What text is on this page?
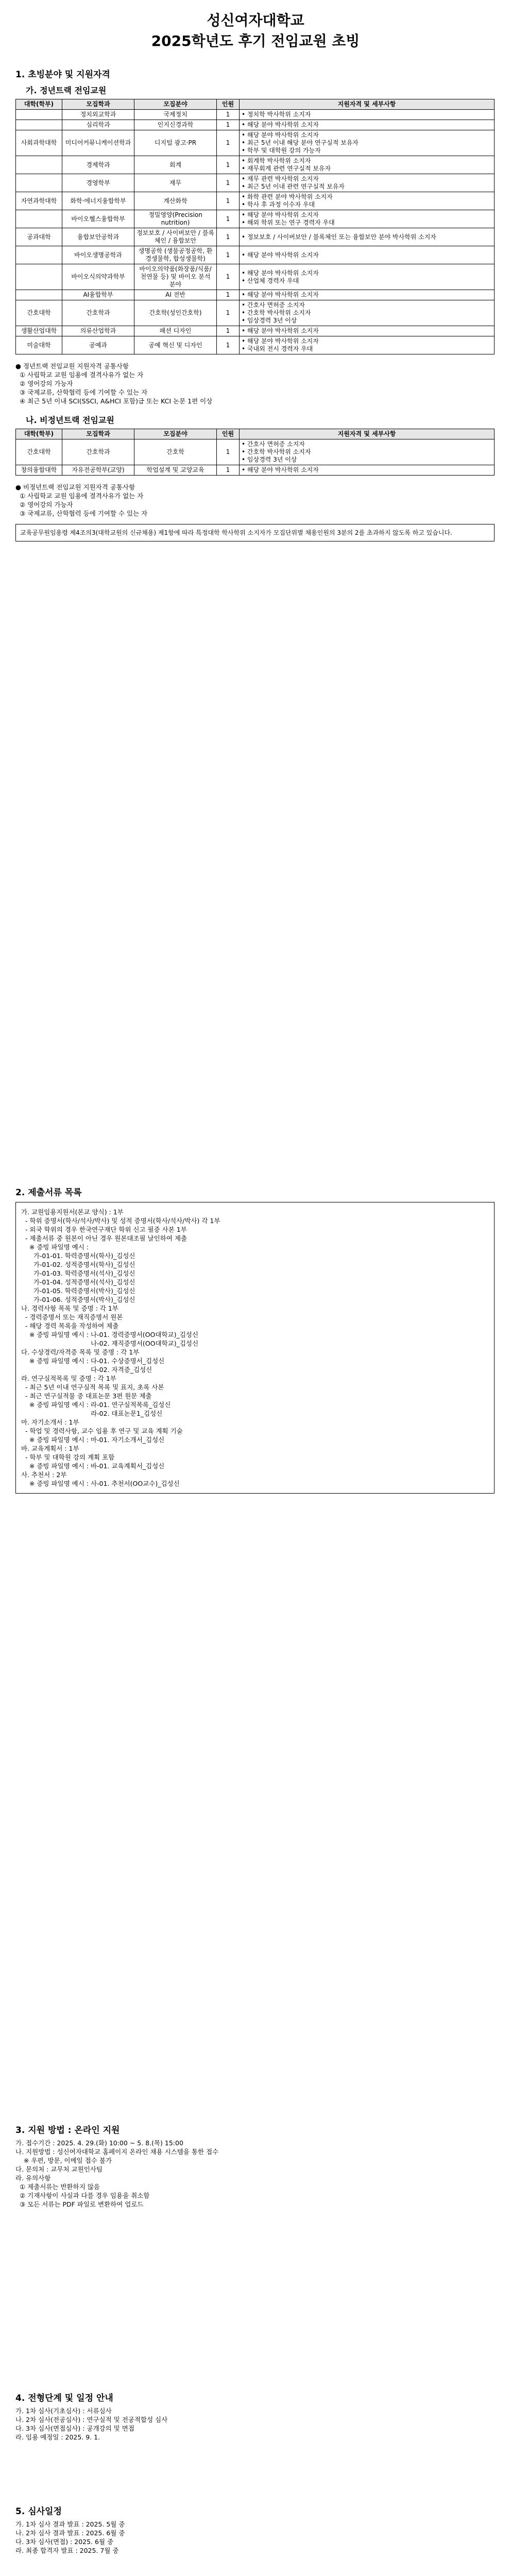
성신여자대학교
2025학년도 후기 전임교원 초빙
1. 초빙분야 및 지원자격
가. 정년트랙 전임교원
대학(학부)	모집학과	모집분야	인원	지원자격 및 세부사항
	정치외교학과	국제정치	1	• 정치학 박사학위 소지자
	심리학과	인지신경과학	1	• 해당 분야 박사학위 소지자
사회과학대학	미디어커뮤니케이션학과	디지털 광고·PR	1	• 해당 분야 박사학위 소지자
• 최근 5년 이내 해당 분야 연구실적 보유자
• 학부 및 대학원 강의 가능자
	경제학과	회계	1	• 회계학 박사학위 소지자
• 재무회계 관련 연구실적 보유자
	경영학부	재무	1	• 재무 관련 박사학위 소지자
• 최근 5년 이내 관련 연구실적 보유자
자연과학대학	화학·에너지융합학부	계산화학	1	• 화학 관련 분야 박사학위 소지자
• 학사 후 과정 이수자 우대
	바이오헬스융합학부	정밀영양(Precision nutrition)	1	• 해당 분야 박사학위 소지자
• 해외 학위 또는 연구 경력자 우대
공과대학	융합보안공학과	정보보호 / 사이버보안 / 블록체인 / 융합보안	1	• 정보보호 / 사이버보안 / 블록체인 또는 융합보안 분야 박사학위 소지자
	바이오생명공학과	생명공학 (생물공정공학, 환경생물학, 합성생물학)	1	• 해당 분야 박사학위 소지자
	바이오식의약과학부	바이오의약품(화장품/식품/천연물 등) 및 바이오 분석 분야	1	• 해당 분야 박사학위 소지자
• 산업체 경력자 우대
	AI융합학부	AI 전반	1	• 해당 분야 박사학위 소지자
간호대학	간호학과	간호학(성인간호학)	1	• 간호사 면허증 소지자
• 간호학 박사학위 소지자
• 임상경력 3년 이상
생활산업대학	의류산업학과	패션 디자인	1	• 해당 분야 박사학위 소지자
미술대학	공예과	공예 혁신 및 디자인	1	• 해당 분야 박사학위 소지자
• 국내외 전시 경력자 우대
● 정년트랙 전임교원 지원자격 공통사항
① 사립학교 교원 임용에 결격사유가 없는 자
② 영어강의 가능자
③ 국제교류, 산학협력 등에 기여할 수 있는 자
④ 최근 5년 이내 SCI(SSCI, A&HCI 포함)급 또는 KCI 논문 1편 이상
나. 비정년트랙 전임교원
대학(학부)	모집학과	모집분야	인원	지원자격 및 세부사항
간호대학	간호학과	간호학	1	• 간호사 면허증 소지자
• 간호학 박사학위 소지자
• 임상경력 3년 이상
창의융합대학	자유전공학부(교양)	학업설계 및 교양교육	1	• 해당 분야 박사학위 소지자
● 비정년트랙 전임교원 지원자격 공통사항
① 사립학교 교원 임용에 결격사유가 없는 자
② 영어강의 가능자
③ 국제교류, 산학협력 등에 기여할 수 있는 자
교육공무원임용령 제4조의3(대학교원의 신규채용) 제1항에 따라 특정대학 학사학위 소지자가 모집단위별 채용인원의 3분의 2를 초과하지 않도록 하고 있습니다.
2. 제출서류 목록
가. 교원임용지원서(본교 양식) : 1부
- 학위 증명서(학사/석사/박사) 및 성적 증명서(학사/석사/박사) 각 1부
- 외국 학위의 경우 한국연구재단 학위 신고 필증 사본 1부
- 제출서류 중 원본이 아닌 경우 원본대조필 날인하여 제출
※ 증빙 파일명 예시 :
가-01-01. 학력증명서(학사)_김성신
가-01-02. 성적증명서(학사)_김성신
가-01-03. 학력증명서(석사)_김성신
가-01-04. 성적증명서(석사)_김성신
가-01-05. 학력증명서(박사)_김성신
가-01-06. 성적증명서(박사)_김성신
나. 경력사항 목록 및 증명 : 각 1부
- 경력증명서 또는 재직증명서 원본
- 해당 경력 목록을 작성하여 제출
※ 증빙 파일명 예시 : 나-01. 경력증명서(OO대학교)_김성신
나-02. 재직증명서(OO대학교)_김성신
다. 수상경력/자격증 목록 및 증명 : 각 1부
※ 증빙 파일명 예시 : 다-01. 수상증명서_김성신
다-02. 자격증_김성신
라. 연구실적목록 및 증명 : 각 1부
- 최근 5년 이내 연구실적 목록 및 표지, 초록 사본
- 최근 연구실적물 중 대표논문 3편 원문 제출
※ 증빙 파일명 예시 : 라-01. 연구실적목록_김성신
라-02. 대표논문1_김성신
마. 자기소개서 : 1부
- 학업 및 경력사항, 교수 임용 후 연구 및 교육 계획 기술
※ 증빙 파일명 예시 : 마-01. 자기소개서_김성신
바. 교육계획서 : 1부
- 학부 및 대학원 강의 계획 포함
※ 증빙 파일명 예시 : 바-01. 교육계획서_김성신
사. 추천서 : 2부
※ 증빙 파일명 예시 : 사-01. 추천서(OO교수)_김성신
3. 지원 방법 : 온라인 지원
가. 접수기간 : 2025. 4. 29.(화) 10:00 ~ 5. 8.(목) 15:00
나. 지원방법 : 성신여자대학교 홈페이지 온라인 채용 시스템을 통한 접수
※ 우편, 방문, 이메일 접수 불가
다. 문의처 : 교무처 교원인사팀
라. 유의사항
① 제출서류는 반환하지 않음
② 기재사항이 사실과 다를 경우 임용을 취소함
③ 모든 서류는 PDF 파일로 변환하여 업로드
4. 전형단계 및 일정 안내
가. 1차 심사(기초심사) : 서류심사
나. 2차 심사(전공심사) : 연구실적 및 전공적합성 심사
다. 3차 심사(면접심사) : 공개강의 및 면접
라. 임용 예정일 : 2025. 9. 1.
5. 심사일정
가. 1차 심사 결과 발표 : 2025. 5월 중
나. 2차 심사 결과 발표 : 2025. 6월 중
다. 3차 심사(면접) : 2025. 6월 중
라. 최종 합격자 발표 : 2025. 7월 중
